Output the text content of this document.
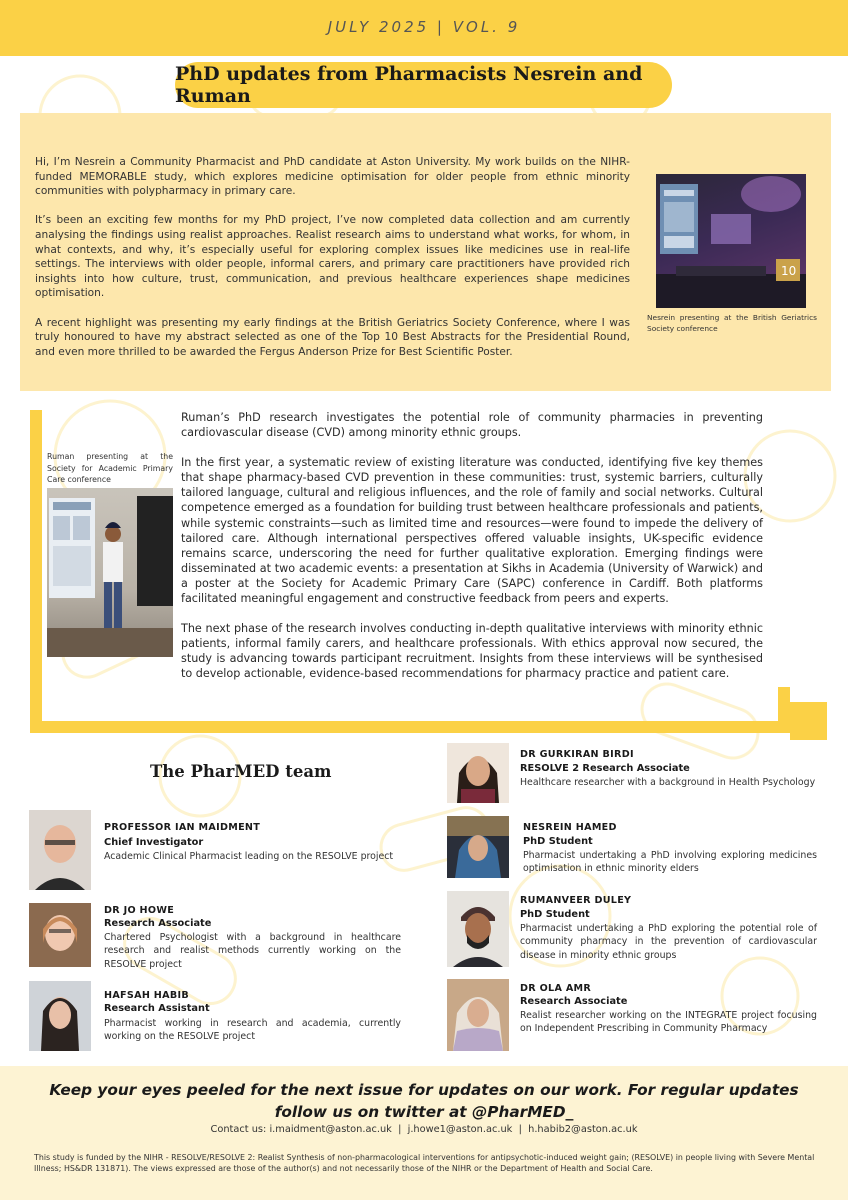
JULY 2025 | VOL. 9
PhD updates from Pharmacists Nesrein and Ruman

Hi, I’m Nesrein a Community Pharmacist and PhD candidate at Aston University. My work builds on the NIHR-funded MEMORABLE study, which explores medicine optimisation for older people from ethnic minority communities with polypharmacy in primary care.

It’s been an exciting few months for my PhD project, I’ve now completed data collection and am currently analysing the findings using realist approaches. Realist research aims to understand what works, for whom, in what contexts, and why, it’s especially useful for exploring complex issues like medicines use in real-life settings. The interviews with older people, informal carers, and primary care practitioners have provided rich insights into how culture, trust, communication, and previous healthcare experiences shape medicines optimisation.

A recent highlight was presenting my early findings at the British Geriatrics Society Conference, where I was truly honoured to have my abstract selected as one of the Top 10 Best Abstracts for the Presidential Round, and even more thrilled to be awarded the Fergus Anderson Prize for Best Scientific Poster.

10
Nesrein presenting at the British Geriatrics Society conference
Ruman presenting at the Society for Academic Primary Care conference

Ruman’s PhD research investigates the potential role of community pharmacies in preventing cardiovascular disease (CVD) among minority ethnic groups.

In the first year, a systematic review of existing literature was conducted, identifying five key themes that shape pharmacy-based CVD prevention in these communities: trust, systemic barriers, culturally tailored language, cultural and religious influences, and the role of family and social networks. Cultural competence emerged as a foundation for building trust between healthcare professionals and patients, while systemic constraints—such as limited time and resources—were found to impede the delivery of tailored care. Although international perspectives offered valuable insights, UK-specific evidence remains scarce, underscoring the need for further qualitative exploration. Emerging findings were disseminated at two academic events: a presentation at Sikhs in Academia (University of Warwick) and a poster at the Society for Academic Primary Care (SAPC) conference in Cardiff. Both platforms facilitated meaningful engagement and constructive feedback from peers and experts.

The next phase of the research involves conducting in-depth qualitative interviews with minority ethnic patients, informal family carers, and healthcare professionals. With ethics approval now secured, the study is advancing towards participant recruitment. Insights from these interviews will be synthesised to develop actionable, evidence-based recommendations for pharmacy practice and patient care.

The PharMED team
PROFESSOR IAN MAIDMENT
Chief Investigator
Academic Clinical Pharmacist leading on the RESOLVE project
DR JO HOWE
Research Associate
Chartered Psychologist with a background in healthcare research and realist methods currently working on the RESOLVE project
HAFSAH HABIB
Research Assistant
Pharmacist working in research and academia, currently working on the RESOLVE project
DR GURKIRAN BIRDI
RESOLVE 2 Research Associate
Healthcare researcher with a background in Health Psychology
NESREIN HAMED
PhD Student
Pharmacist undertaking a PhD involving exploring medicines optimisation in ethnic minority elders
RUMANVEER DULEY
PhD Student
Pharmacist undertaking a PhD exploring the potential role of community pharmacy in the prevention of cardiovascular disease in minority ethnic groups
DR OLA AMR
Research Associate
Realist researcher working on the INTEGRATE project focusing on Independent Prescribing in Community Pharmacy
Keep your eyes peeled for the next issue for updates on our work. For regular updates
follow us on twitter at @PharMED_
Contact us: i.maidment@aston.ac.uk  |  j.howe1@aston.ac.uk  |  h.habib2@aston.ac.uk
This study is funded by the NIHR - RESOLVE/RESOLVE 2: Realist Synthesis of non-pharmacological interventions for antipsychotic-induced weight gain; (RESOLVE) in people living with Severe Mental Illness; HS&DR 131871). The views expressed are those of the author(s) and not necessarily those of the NIHR or the Department of Health and Social Care.
